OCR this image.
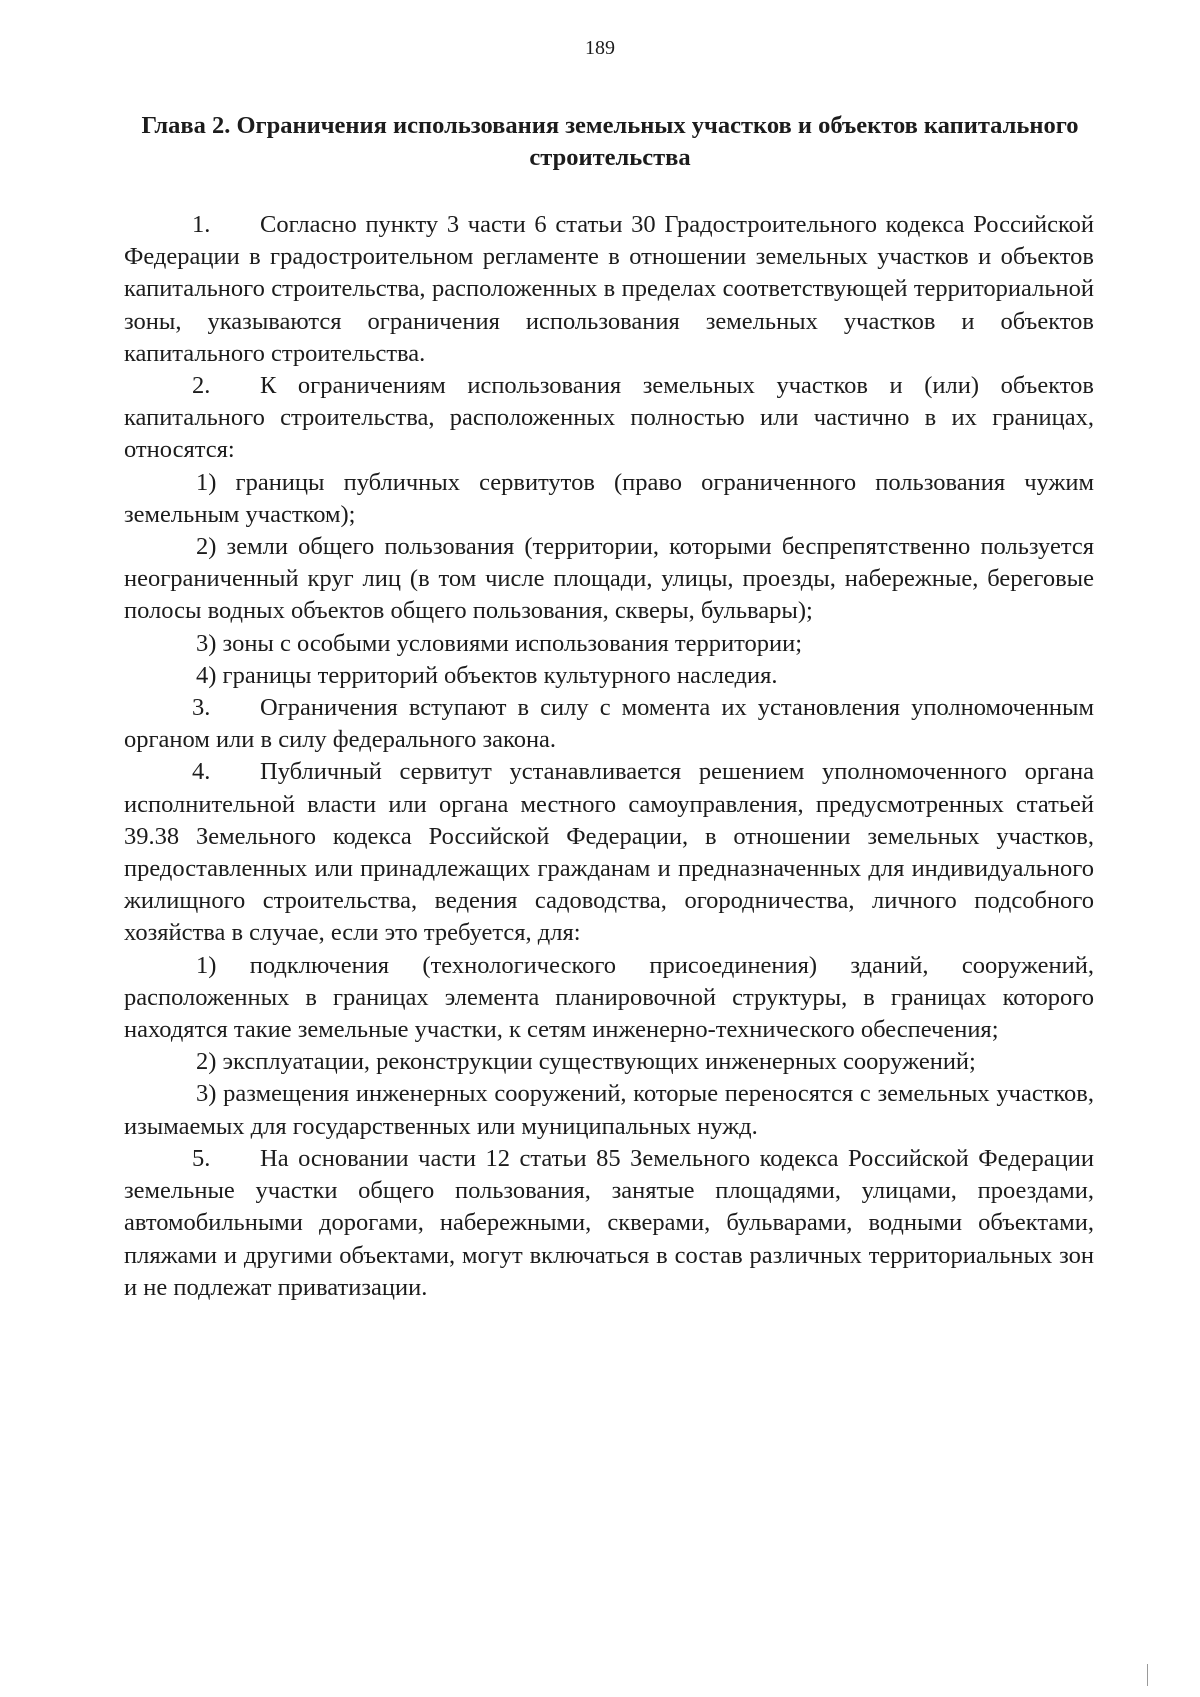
189
Глава 2. Ограничения использования земельных участков и объектов капитального строительства

1. Согласно пункту 3 части 6 статьи 30 Градостроительного кодекса Российской Федерации в градостроительном регламенте в отношении земельных участков и объектов капитального строительства, расположенных в пределах соответствующей территориальной зоны, указываются ограничения использования земельных участков и объектов капитального строительства.

2. К ограничениям использования земельных участков и (или) объектов капитального строительства, расположенных полностью или частично в их границах, относятся:

1) границы публичных сервитутов (право ограниченного пользования чужим земельным участком);

2) земли общего пользования (территории, которыми беспрепятственно пользуется неограниченный круг лиц (в том числе площади, улицы, проезды, набережные, береговые полосы водных объектов общего пользования, скверы, бульвары);

3) зоны с особыми условиями использования территории;

4) границы территорий объектов культурного наследия.

3. Ограничения вступают в силу с момента их установления уполномоченным органом или в силу федерального закона.

4. Публичный сервитут устанавливается решением уполномоченного органа исполнительной власти или органа местного самоуправления, предусмотренных статьей 39.38 Земельного кодекса Российской Федерации, в отношении земельных участков, предоставленных или принадлежащих гражданам и предназначенных для индивидуального жилищного строительства, ведения садоводства, огородничества, личного подсобного хозяйства в случае, если это требуется, для:

1) подключения (технологического присоединения) зданий, сооружений, расположенных в границах элемента планировочной структуры, в границах которого находятся такие земельные участки, к сетям инженерно-технического обеспечения;

2) эксплуатации, реконструкции существующих инженерных сооружений;

3) размещения инженерных сооружений, которые переносятся с земельных участков, изымаемых для государственных или муниципальных нужд.

5. На основании части 12 статьи 85 Земельного кодекса Российской Федерации земельные участки общего пользования, занятые площадями, улицами, проездами, автомобильными дорогами, набережными, скверами, бульварами, водными объектами, пляжами и другими объектами, могут включаться в состав различных территориальных зон и не подлежат приватизации.
